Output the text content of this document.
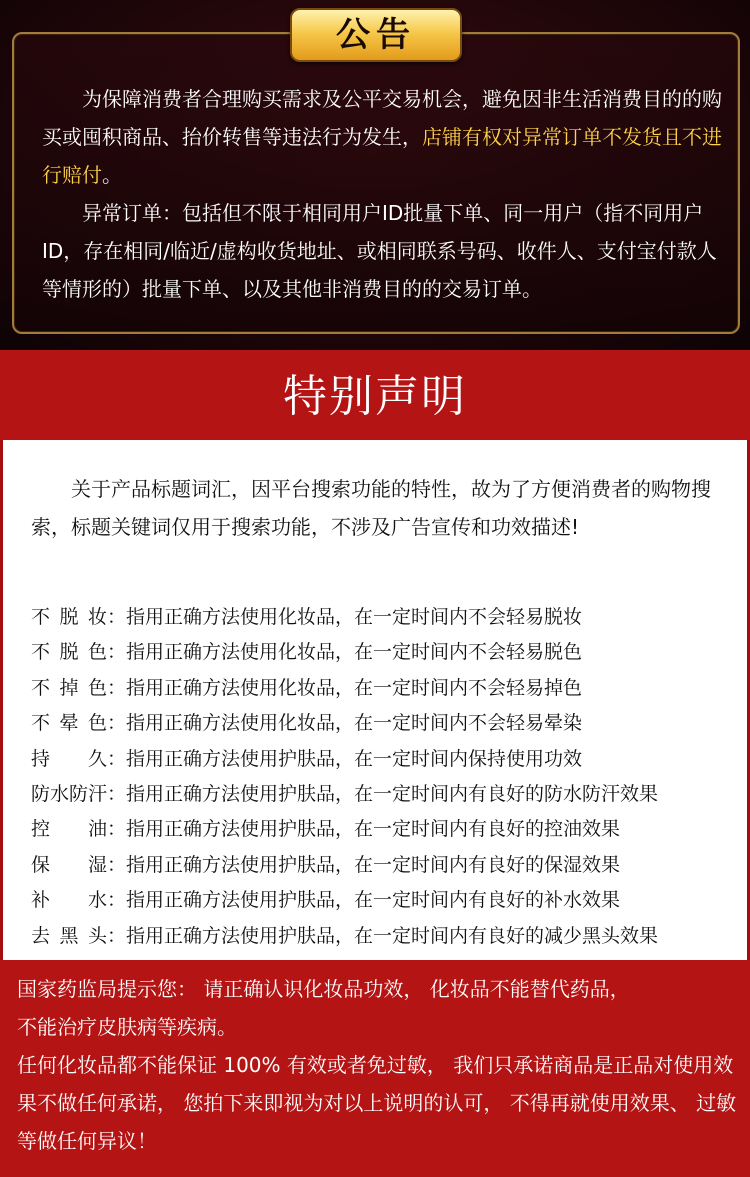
为保障消费者合理购买需求及公平交易机会，避免因非生活消费目的的购买或囤积商品、抬价转售等违法行为发生，店铺有权对异常订单不发货且不进行赔付。

异常订单：包括但不限于相同用户ID批量下单、同一用户（指不同用户ID，存在相同/临近/虚构收货地址、或相同联系号码、收件人、支付宝付款人等情形的）批量下单、以及其他非消费目的的交易订单。

公告
特别声明

关于产品标题词汇，因平台搜索功能的特性，故为了方便消费者的购物搜索，标题关键词仅用于搜索功能，不涉及广告宣传和功效描述!

不 脱 妆 ：指用正确方法使用化妆品，在一定时间内不会轻易脱妆
不 脱 色 ：指用正确方法使用化妆品，在一定时间内不会轻易脱色
不 掉 色 ：指用正确方法使用化妆品，在一定时间内不会轻易掉色
不 晕 色 ：指用正确方法使用化妆品，在一定时间内不会轻易晕染
持 久 ：指用正确方法使用护肤品，在一定时间内保持使用功效
防水防汗 ：指用正确方法使用护肤品，在一定时间内有良好的防水防汗效果
控 油 ：指用正确方法使用护肤品，在一定时间内有良好的控油效果
保 湿 ：指用正确方法使用护肤品，在一定时间内有良好的保湿效果
补 水 ：指用正确方法使用护肤品，在一定时间内有良好的补水效果
去 黑 头 ：指用正确方法使用护肤品，在一定时间内有良好的减少黑头效果

国家药监局提示您： 请正确认识化妆品功效， 化妆品不能替代药品，

不能治疗皮肤病等疾病。

任何化妆品都不能保证 100% 有效或者免过敏， 我们只承诺商品是正品对使用效果不做任何承诺， 您拍下来即视为对以上说明的认可， 不得再就使用效果、 过敏等做任何异议！
